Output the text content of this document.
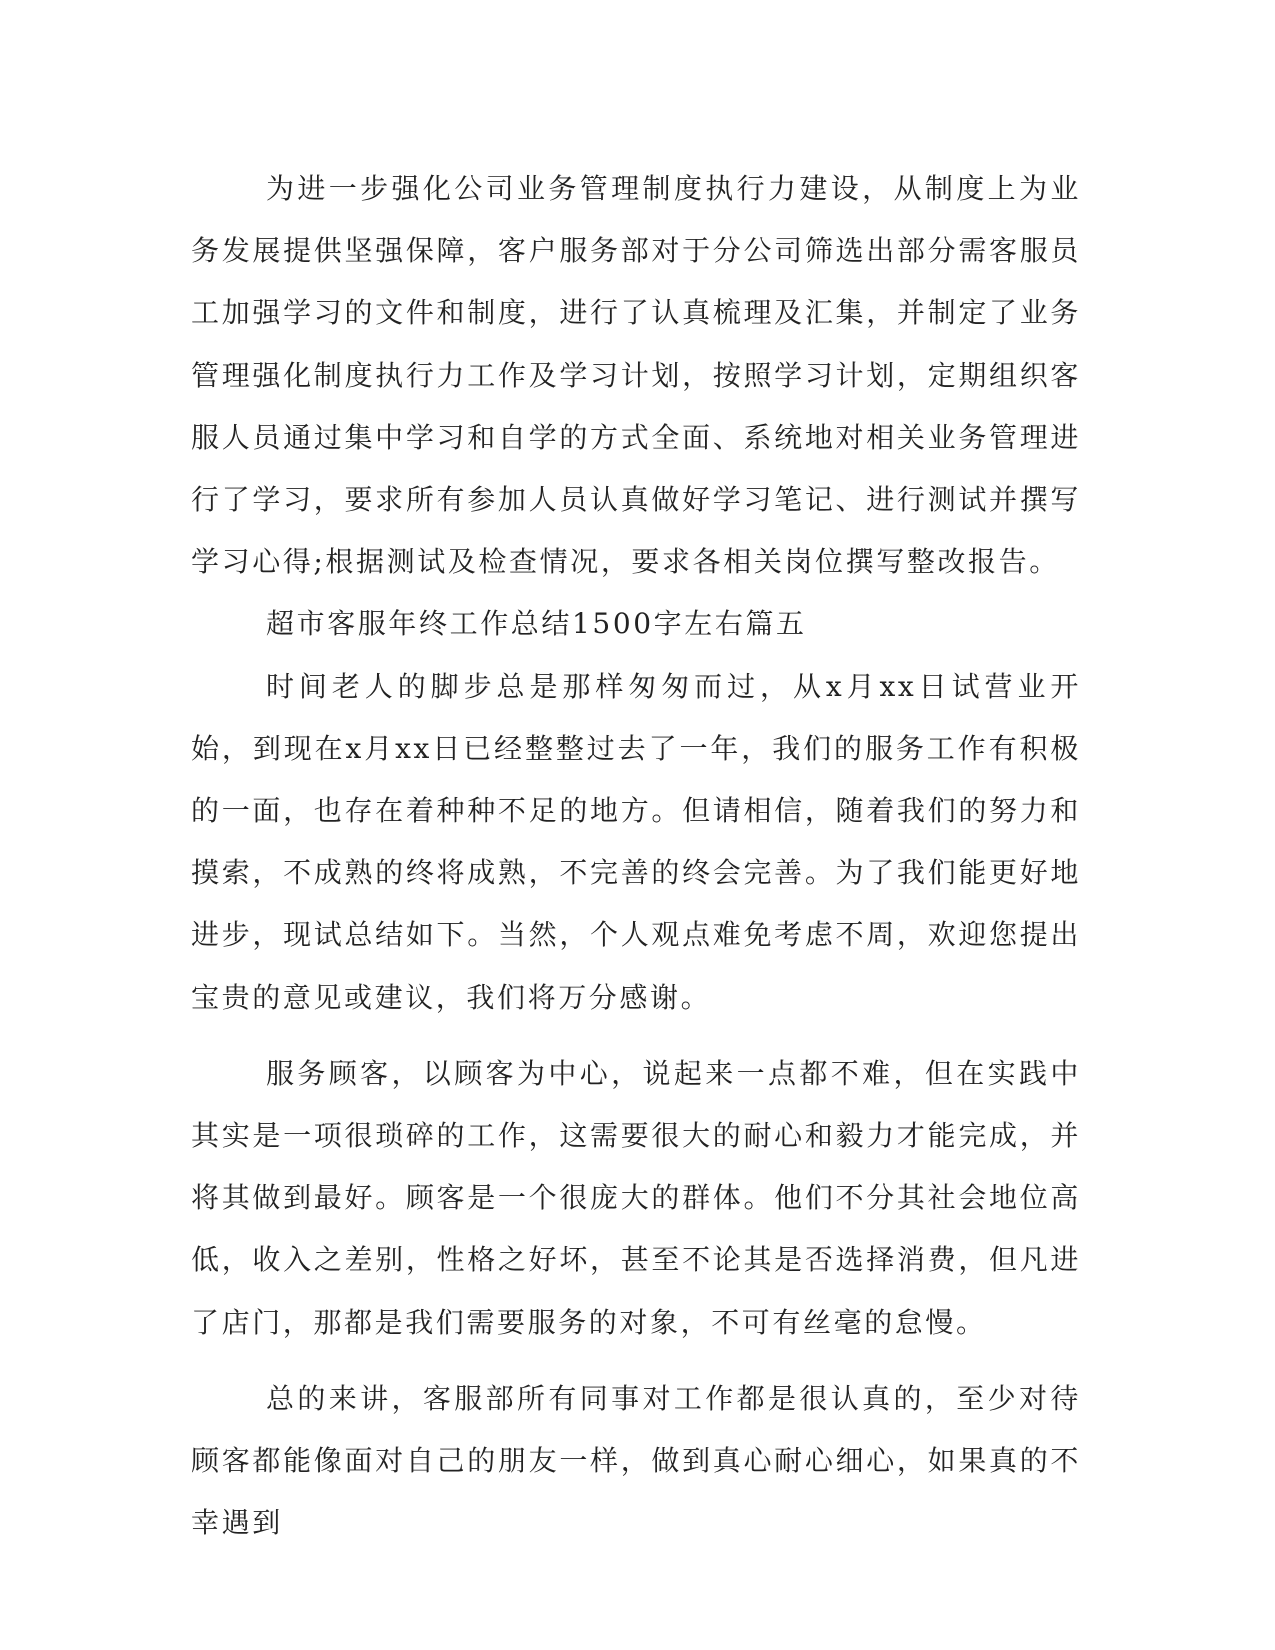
为进一步强化公司业务管理制度执行力建设，从制度上为业务发展提供坚强保障，客户服务部对于分公司筛选出部分需客服员工加强学习的文件和制度，进行了认真梳理及汇集，并制定了业务管理强化制度执行力工作及学习计划，按照学习计划，定期组织客服人员通过集中学习和自学的方式全面、系统地对相关业务管理进行了学习，要求所有参加人员认真做好学习笔记、进行测试并撰写学习心得;根据测试及检查情况，要求各相关岗位撰写整改报告。

超市客服年终工作总结1500字左右篇五

时间老人的脚步总是那样匆匆而过，从x月xx日试营业开始，到现在x月xx日已经整整过去了一年，我们的服务工作有积极的一面，也存在着种种不足的地方。但请相信，随着我们的努力和摸索，不成熟的终将成熟，不完善的终会完善。为了我们能更好地进步，现试总结如下。当然，个人观点难免考虑不周，欢迎您提出宝贵的意见或建议，我们将万分感谢。

服务顾客，以顾客为中心，说起来一点都不难，但在实践中其实是一项很琐碎的工作，这需要很大的耐心和毅力才能完成，并将其做到最好。顾客是一个很庞大的群体。他们不分其社会地位高低，收入之差别，性格之好坏，甚至不论其是否选择消费，但凡进了店门，那都是我们需要服务的对象，不可有丝毫的怠慢。

总的来讲，客服部所有同事对工作都是很认真的，至少对待顾客都能像面对自己的朋友一样，做到真心耐心细心，如果真的不幸遇到
